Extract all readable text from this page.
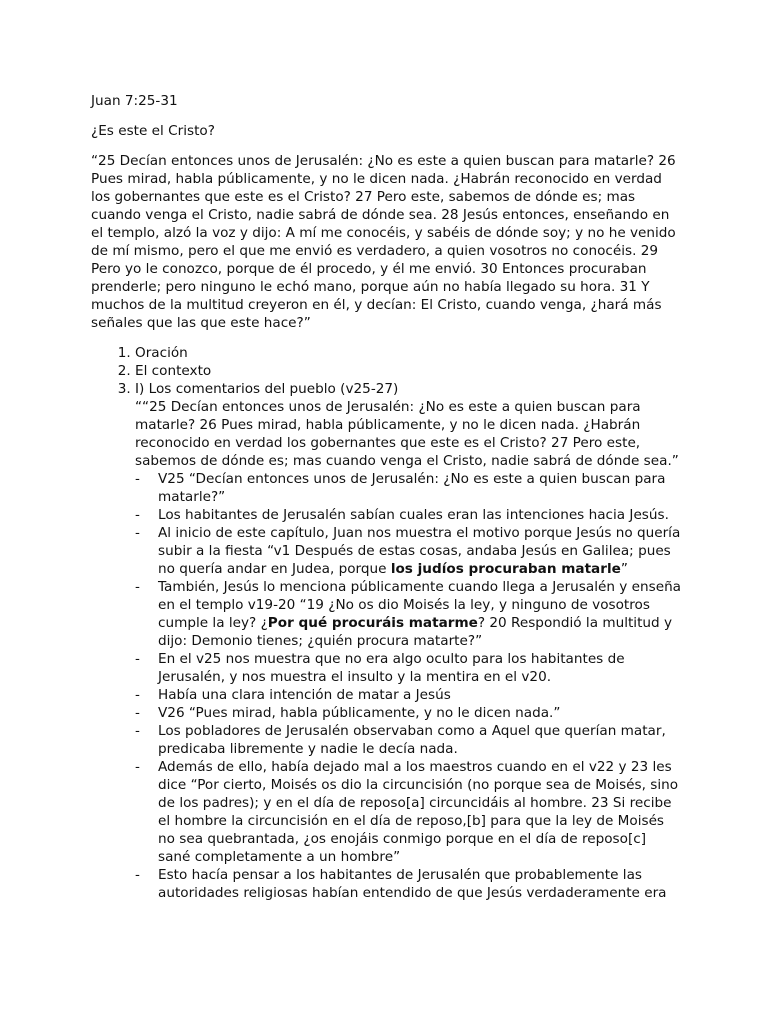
Juan 7:25-31

¿Es este el Cristo?

“25 Decían entonces unos de Jerusalén: ¿No es este a quien buscan para matarle? 26 Pues mirad, habla públicamente, y no le dicen nada. ¿Habrán reconocido en verdad los gobernantes que este es el Cristo? 27 Pero este, sabemos de dónde es; mas cuando venga el Cristo, nadie sabrá de dónde sea. 28 Jesús entonces, enseñando en el templo, alzó la voz y dijo: A mí me conocéis, y sabéis de dónde soy; y no he venido de mí mismo, pero el que me envió es verdadero, a quien vosotros no conocéis. 29 Pero yo le conozco, porque de él procedo, y él me envió. 30 Entonces procuraban prenderle; pero ninguno le echó mano, porque aún no había llegado su hora. 31 Y muchos de la multitud creyeron en él, y decían: El Cristo, cuando venga, ¿hará más señales que las que este hace?”

1. Oración
2. El contexto
3. I) Los comentarios del pueblo (v25-27)
““25 Decían entonces unos de Jerusalén: ¿No es este a quien buscan para matarle? 26 Pues mirad, habla públicamente, y no le dicen nada. ¿Habrán reconocido en verdad los gobernantes que este es el Cristo? 27 Pero este, sabemos de dónde es; mas cuando venga el Cristo, nadie sabrá de dónde sea.”
- V25 “Decían entonces unos de Jerusalén: ¿No es este a quien buscan para matarle?”
- Los habitantes de Jerusalén sabían cuales eran las intenciones hacia Jesús.
- Al inicio de este capítulo, Juan nos muestra el motivo porque Jesús no quería subir a la fiesta “v1 Después de estas cosas, andaba Jesús en Galilea; pues no quería andar en Judea, porque los judíos procuraban matarle”
- También, Jesús lo menciona públicamente cuando llega a Jerusalén y enseña en el templo v19-20 “19 ¿No os dio Moisés la ley, y ninguno de vosotros cumple la ley? ¿Por qué procuráis matarme? 20 Respondió la multitud y dijo: Demonio tienes; ¿quién procura matarte?”
- En el v25 nos muestra que no era algo oculto para los habitantes de Jerusalén, y nos muestra el insulto y la mentira en el v20.
- Había una clara intención de matar a Jesús
- V26 “Pues mirad, habla públicamente, y no le dicen nada.”
- Los pobladores de Jerusalén observaban como a Aquel que querían matar, predicaba libremente y nadie le decía nada.
- Además de ello, había dejado mal a los maestros cuando en el v22 y 23 les dice “Por cierto, Moisés os dio la circuncisión (no porque sea de Moisés, sino de los padres); y en el día de reposo[a] circuncidáis al hombre. 23 Si recibe el hombre la circuncisión en el día de reposo,[b] para que la ley de Moisés no sea quebrantada, ¿os enojáis conmigo porque en el día de reposo[c] sané completamente a un hombre”
- Esto hacía pensar a los habitantes de Jerusalén que probablemente las autoridades religiosas habían entendido de que Jesús verdaderamente era
